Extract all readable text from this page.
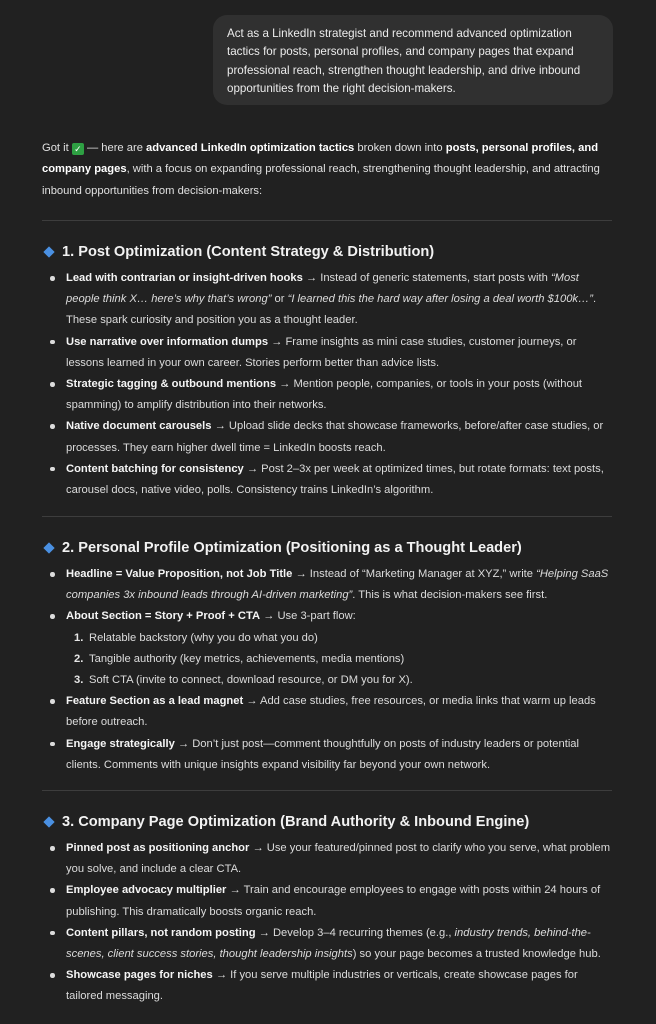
Act as a LinkedIn strategist and recommend advanced optimization tactics for posts, personal profiles, and company pages that expand professional reach, strengthen thought leadership, and drive inbound opportunities from the right decision-makers.

Got it ✓ — here are advanced LinkedIn optimization tactics broken down into posts, personal profiles, and company pages, with a focus on expanding professional reach, strengthening thought leadership, and attracting inbound opportunities from decision-makers:

1. Post Optimization (Content Strategy & Distribution)
Lead with contrarian or insight-driven hooks → Instead of generic statements, start posts with “Most people think X… here’s why that’s wrong” or “I learned this the hard way after losing a deal worth $100k…”. These spark curiosity and position you as a thought leader.
Use narrative over information dumps → Frame insights as mini case studies, customer journeys, or lessons learned in your own career. Stories perform better than advice lists.
Strategic tagging & outbound mentions → Mention people, companies, or tools in your posts (without spamming) to amplify distribution into their networks.
Native document carousels → Upload slide decks that showcase frameworks, before/after case studies, or processes. They earn higher dwell time = LinkedIn boosts reach.
Content batching for consistency → Post 2–3x per week at optimized times, but rotate formats: text posts, carousel docs, native video, polls. Consistency trains LinkedIn’s algorithm.
2. Personal Profile Optimization (Positioning as a Thought Leader)
Headline = Value Proposition, not Job Title → Instead of “Marketing Manager at XYZ,” write “Helping SaaS companies 3x inbound leads through AI-driven marketing”. This is what decision-makers see first.
About Section = Story + Proof + CTA → Use 3-part flow:
1. Relatable backstory (why you do what you do)
2. Tangible authority (key metrics, achievements, media mentions)
3. Soft CTA (invite to connect, download resource, or DM you for X).
Feature Section as a lead magnet → Add case studies, free resources, or media links that warm up leads before outreach.
Engage strategically → Don’t just post—comment thoughtfully on posts of industry leaders or potential clients. Comments with unique insights expand visibility far beyond your own network.
3. Company Page Optimization (Brand Authority & Inbound Engine)
Pinned post as positioning anchor → Use your featured/pinned post to clarify who you serve, what problem you solve, and include a clear CTA.
Employee advocacy multiplier → Train and encourage employees to engage with posts within 24 hours of publishing. This dramatically boosts organic reach.
Content pillars, not random posting → Develop 3–4 recurring themes (e.g., industry trends, behind-the-scenes, client success stories, thought leadership insights) so your page becomes a trusted knowledge hub.
Showcase pages for niches → If you serve multiple industries or verticals, create showcase pages for tailored messaging.
